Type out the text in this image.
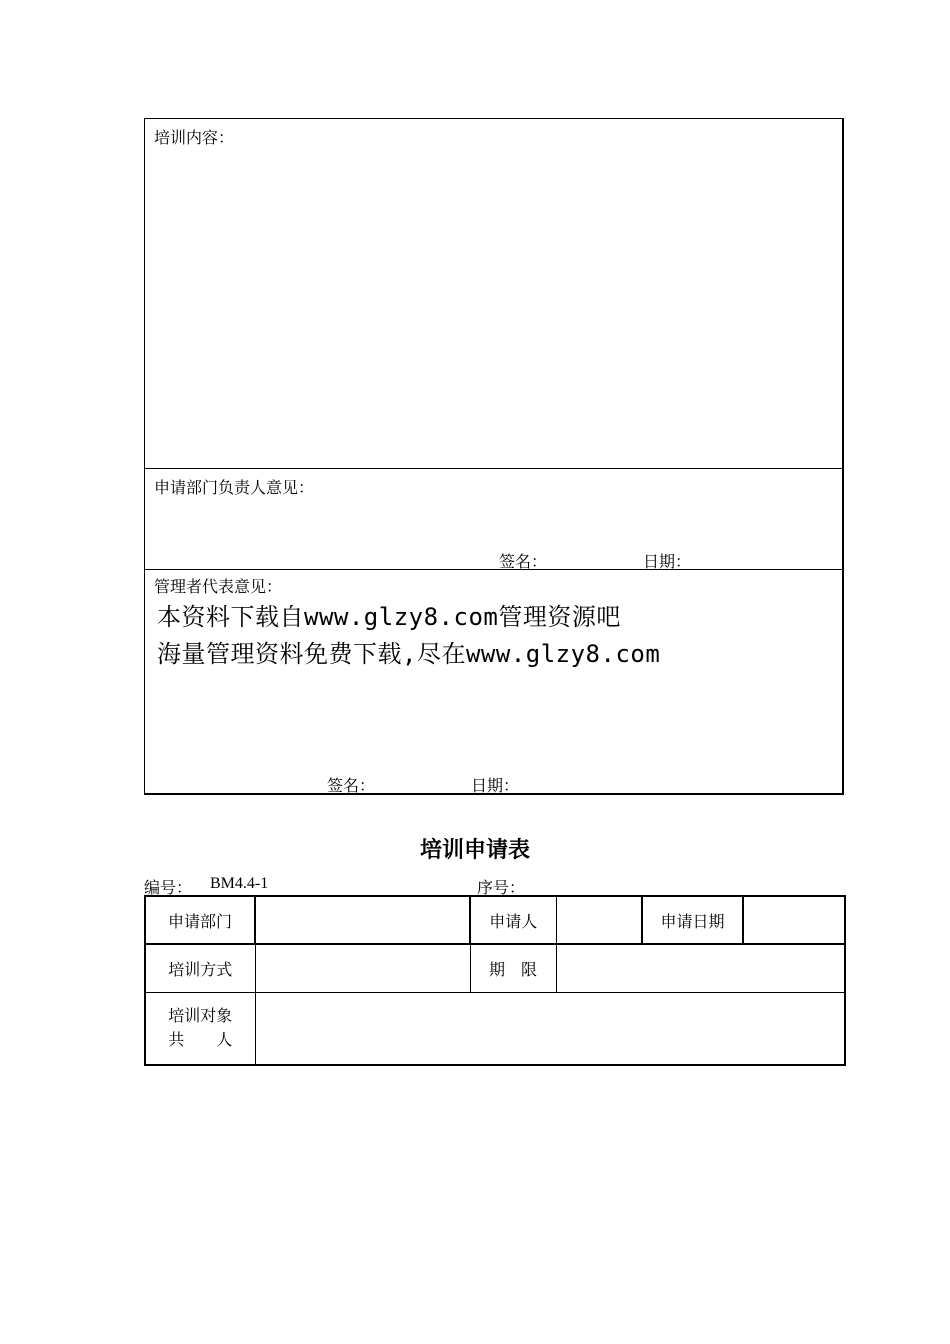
培训内容：
申请部门负责人意见：
签名：	日期：
管理者代表意见：
本资料下载自www.glzy8.com管理资源吧
海量管理资料免费下载,尽在www.glzy8.com
签名：	日期：
培训申请表
编号： BM4.4-1	序号：
申请部门		申请人		申请日期	
培训方式		期　限			

培训对象
共　　人					
